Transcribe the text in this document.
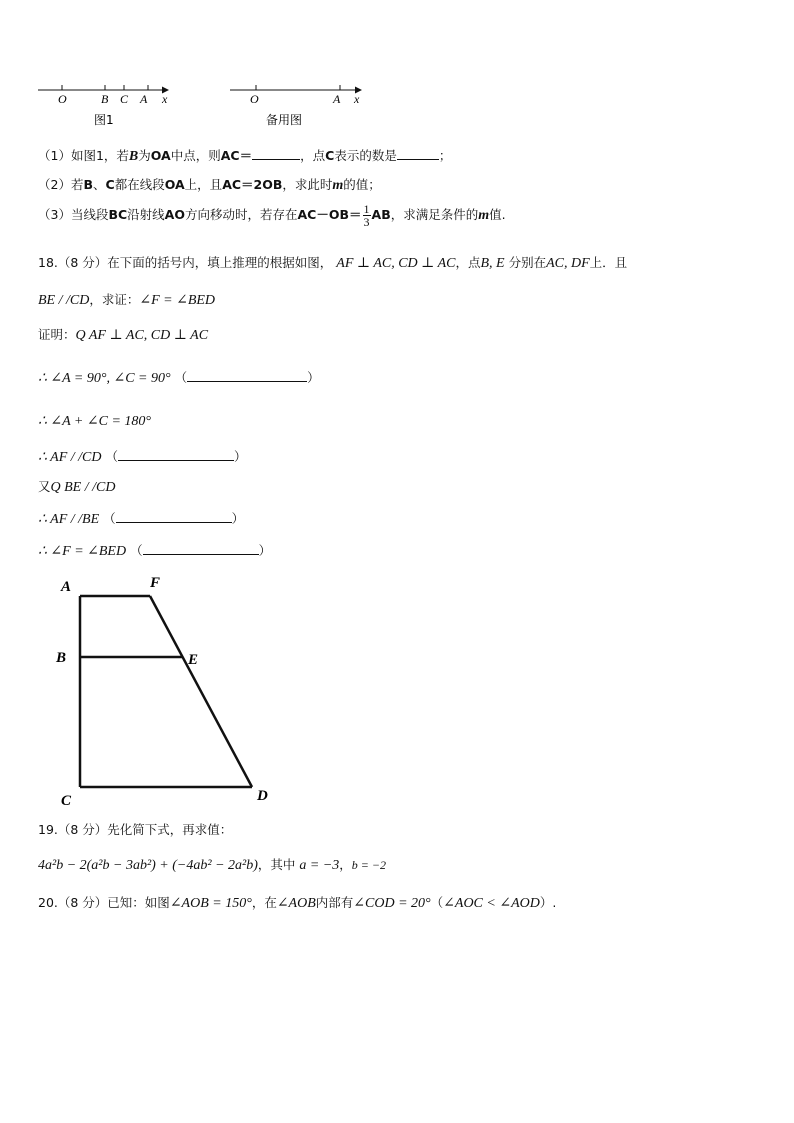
O	B C A x
图1
O	A x
备用图
（1）如图1，若B为OA中点，则AC＝	，点C表示的数是	；
（2）若B、C都在线段OA上，且AC＝2OB，求此时m的值；
（3）当线段BC沿射线AO方向移动时，若存在$AC-OB= \frac{1}{3}$ AB，求满足条件的m值.
18.（8 分）在下面的括号内，填上推理的根据如图， AF ⊥ AC, CD ⊥ AC，点B, E 分别在AC, DF上．且
BE / /CD，求证：∠F = ∠BED
证明：Q AF ⊥ AC, CD ⊥ AC
∴ ∠A = 90°, ∠C = 90° （	）
∴ ∠A + ∠C = 180°
∴ AF / /CD （	）
又Q BE / /CD
∴ AF / /BE （	）
∴ ∠F = ∠BED （	）
A	F
B	E
C	D
19.（8 分）先化简下式，再求值：
4a²b − 2(a²b − 3ab²) + (−4ab² − 2a²b)，其中 a = −3，b = −2
20.（8 分）已知：如图∠AOB = 150°，在∠AOB内部有∠COD = 20°（∠AOC < ∠AOD）.
